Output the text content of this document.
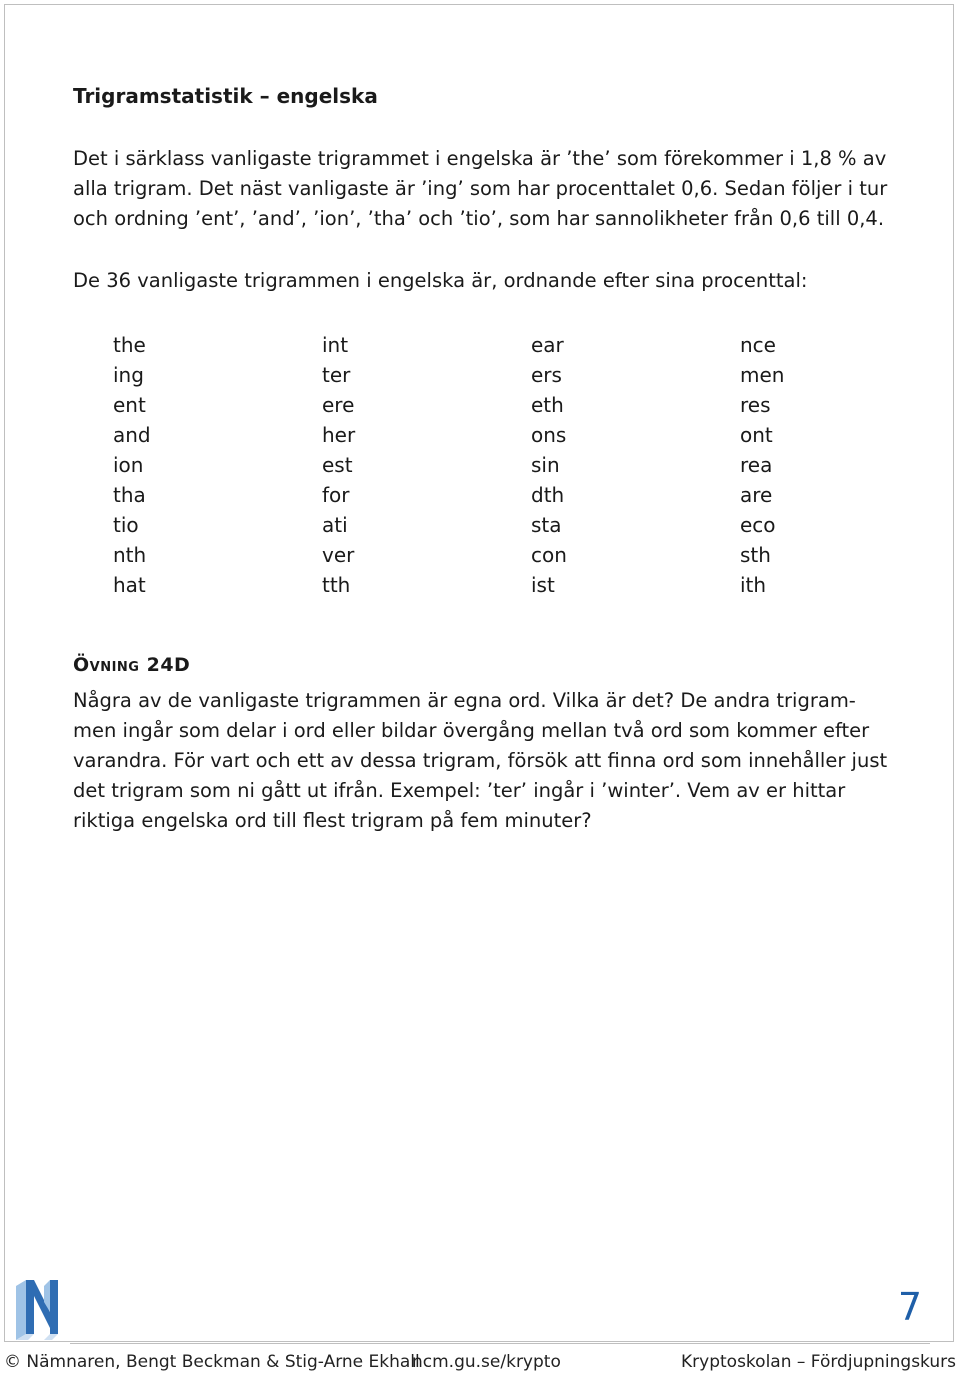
Trigramstatistik – engelska

Det i särklass vanligaste trigrammet i engelska är ’the’ som förekommer i 1,8 % av alla trigram. Det näst vanligaste är ’ing’ som har procenttalet 0,6. Sedan följer i tur och ordning ’ent’, ’and’, ’ion’, ’tha’ och ’tio’, som har sannolikheter från 0,6 till 0,4.

De 36 vanligaste trigrammen i engelska är, ordnande efter sina procenttal:

the
ing
ent
and
ion
tha
tio
nth
hat
int
ter
ere
her
est
for
ati
ver
tth
ear
ers
eth
ons
sin
dth
sta
con
ist
nce
men
res
ont
rea
are
eco
sth
ith
Övning 24D

Några av de vanligaste trigrammen är egna ord. Vilka är det? De andra trigram-men ingår som delar i ord eller bildar övergång mellan två ord som kommer efter varandra. För vart och ett av dessa trigram, försök att finna ord som innehåller just det trigram som ni gått ut ifrån. Exempel: ’ter’ ingår i ’winter’. Vem av er hittar riktiga engelska ord till flest trigram på fem minuter?

7
© Nämnaren, Bengt Beckman & Stig-Arne Ekhall
ncm.gu.se/krypto	Kryptoskolan – Fördjupningskurs
